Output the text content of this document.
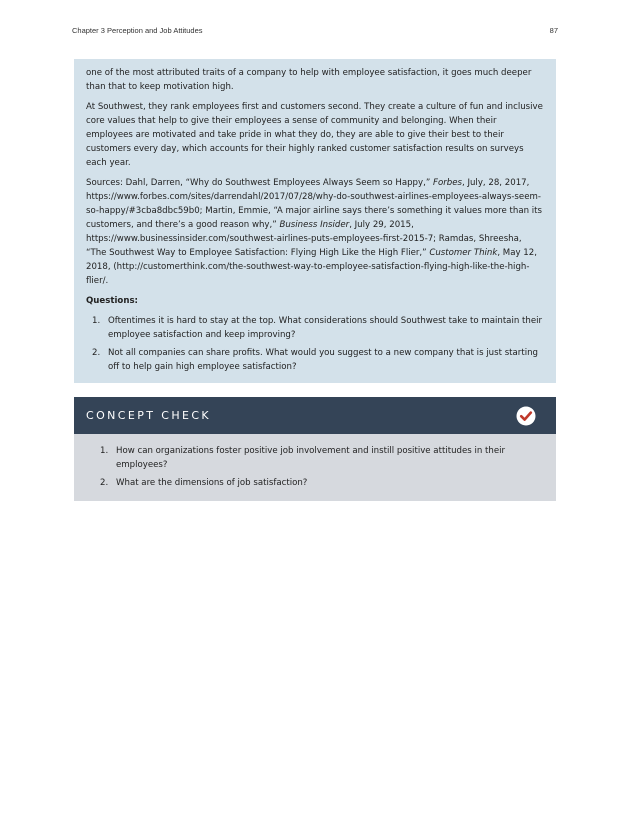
Chapter 3 Perception and Job Attitudes	87

one of the most attributed traits of a company to help with employee satisfaction, it goes much deeper than that to keep motivation high.

At Southwest, they rank employees first and customers second. They create a culture of fun and inclusive core values that help to give their employees a sense of community and belonging. When their employees are motivated and take pride in what they do, they are able to give their best to their customers every day, which accounts for their highly ranked customer satisfaction results on surveys each year.

Sources: Dahl, Darren, “Why do Southwest Employees Always Seem so Happy,” Forbes, July, 28, 2017, https://www.forbes.com/sites/darrendahl/2017/07/28/why-do-southwest-airlines-employees-always-seem-so-happy/#3cba8dbc59b0; Martin, Emmie, “A major airline says there’s something it values more than its customers, and there’s a good reason why,” Business Insider, July 29, 2015, https://www.businessinsider.com/southwest-airlines-puts-employees-first-2015-7; Ramdas, Shreesha, “The Southwest Way to Employee Satisfaction: Flying High Like the High Flier,” Customer Think, May 12, 2018, (http://customerthink.com/the-southwest-way-to-employee-satisfaction-flying-high-like-the-high-flier/.

Questions:

1. Oftentimes it is hard to stay at the top. What considerations should Southwest take to maintain their employee satisfaction and keep improving?
2. Not all companies can share profits. What would you suggest to a new company that is just starting off to help gain high employee satisfaction?
CONCEPT CHECK
1. How can organizations foster positive job involvement and instill positive attitudes in their employees?
2. What are the dimensions of job satisfaction?
